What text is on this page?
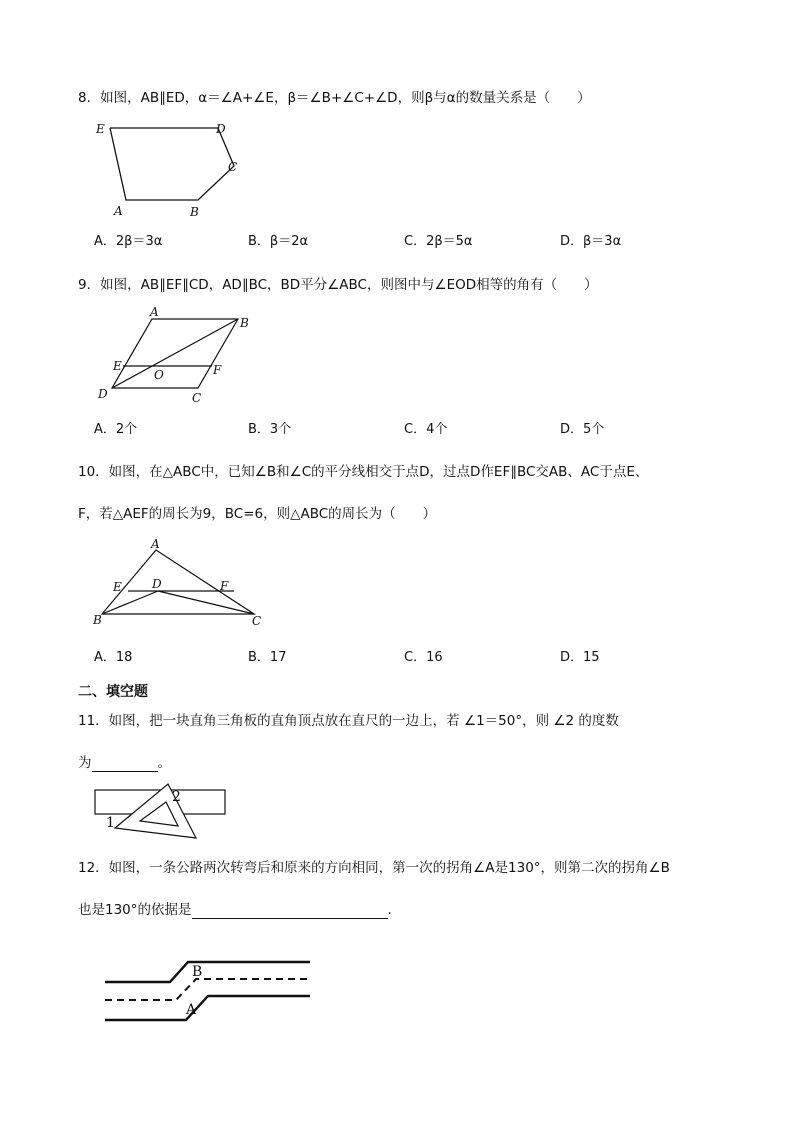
8．如图，AB∥ED，α＝∠A+∠E，β＝∠B+∠C+∠D，则β与α的数量关系是（　　）
E	D
C
A	B
A．2β＝3α	B．β＝2α	C．2β＝5α	D．β＝3α
9．如图，AB∥EF∥CD，AD∥BC，BD平分∠ABC，则图中与∠EOD相等的角有（　　）
A
B
E
O	F
D	C
A．2个	B．3个	C．4个	D．5个
10．如图，在△ABC中，已知∠B和∠C的平分线相交于点D，过点D作EF∥BC交AB、AC于点E、
F，若△AEF的周长为9，BC=6，则△ABC的周长为（　　）
A
E	D	F
B	C
A．18	B．17	C．16	D．15
二、填空题
11．如图，把一块直角三角板的直角顶点放在直尺的一边上，若 ∠1＝50°，则 ∠2 的度数
为	。
1
2
12．如图，一条公路两次转弯后和原来的方向相同，第一次的拐角∠A是130°，则第二次的拐角∠B
也是130°的依据是	.
B
A
